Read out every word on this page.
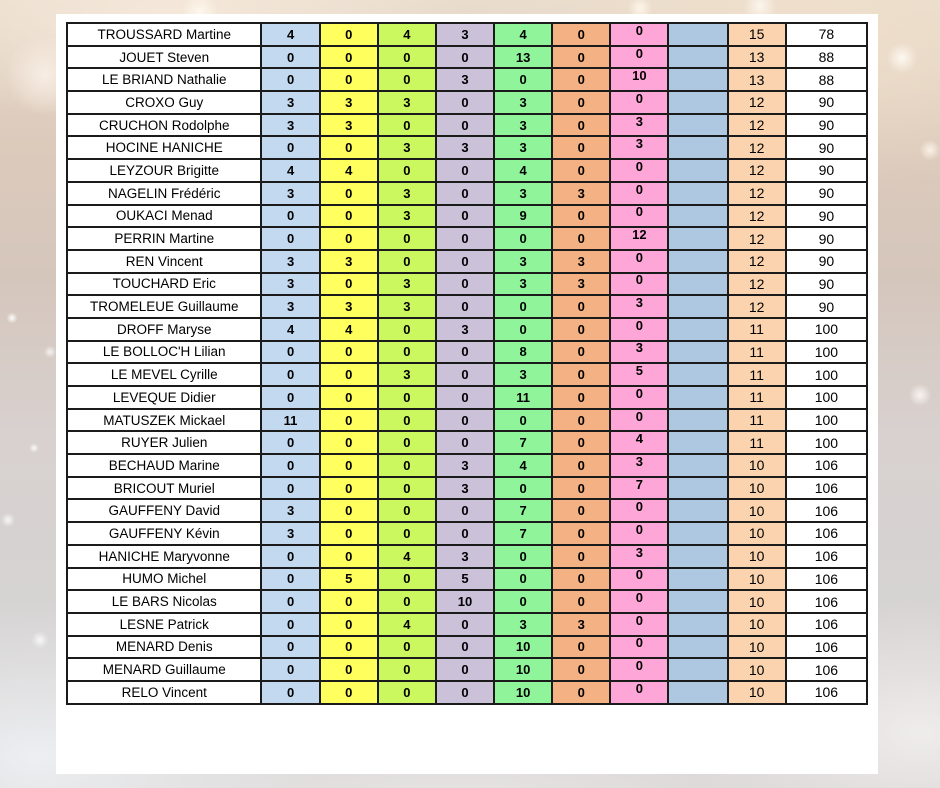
TROUSSARD Martine	4	0	4	3	4	0	0		15	78
JOUET Steven	0	0	0	0	13	0	0		13	88
LE BRIAND Nathalie	0	0	0	3	0	0	10		13	88
CROXO Guy	3	3	3	0	3	0	0		12	90
CRUCHON Rodolphe	3	3	0	0	3	0	3		12	90
HOCINE HANICHE	0	0	3	3	3	0	3		12	90
LEYZOUR Brigitte	4	4	0	0	4	0	0		12	90
NAGELIN Frédéric	3	0	3	0	3	3	0		12	90
OUKACI Menad	0	0	3	0	9	0	0		12	90
PERRIN Martine	0	0	0	0	0	0	12		12	90
REN Vincent	3	3	0	0	3	3	0		12	90
TOUCHARD Eric	3	0	3	0	3	3	0		12	90
TROMELEUE Guillaume	3	3	3	0	0	0	3		12	90
DROFF Maryse	4	4	0	3	0	0	0		11	100
LE BOLLOC'H Lilian	0	0	0	0	8	0	3		11	100
LE MEVEL Cyrille	0	0	3	0	3	0	5		11	100
LEVEQUE Didier	0	0	0	0	11	0	0		11	100
MATUSZEK Mickael	11	0	0	0	0	0	0		11	100
RUYER Julien	0	0	0	0	7	0	4		11	100
BECHAUD Marine	0	0	0	3	4	0	3		10	106
BRICOUT Muriel	0	0	0	3	0	0	7		10	106
GAUFFENY David	3	0	0	0	7	0	0		10	106
GAUFFENY Kévin	3	0	0	0	7	0	0		10	106
HANICHE Maryvonne	0	0	4	3	0	0	3		10	106
HUMO Michel	0	5	0	5	0	0	0		10	106
LE BARS Nicolas	0	0	0	10	0	0	0		10	106
LESNE Patrick	0	0	4	0	3	3	0		10	106
MENARD Denis	0	0	0	0	10	0	0		10	106
MENARD Guillaume	0	0	0	0	10	0	0		10	106
RELO Vincent	0	0	0	0	10	0	0		10	106
